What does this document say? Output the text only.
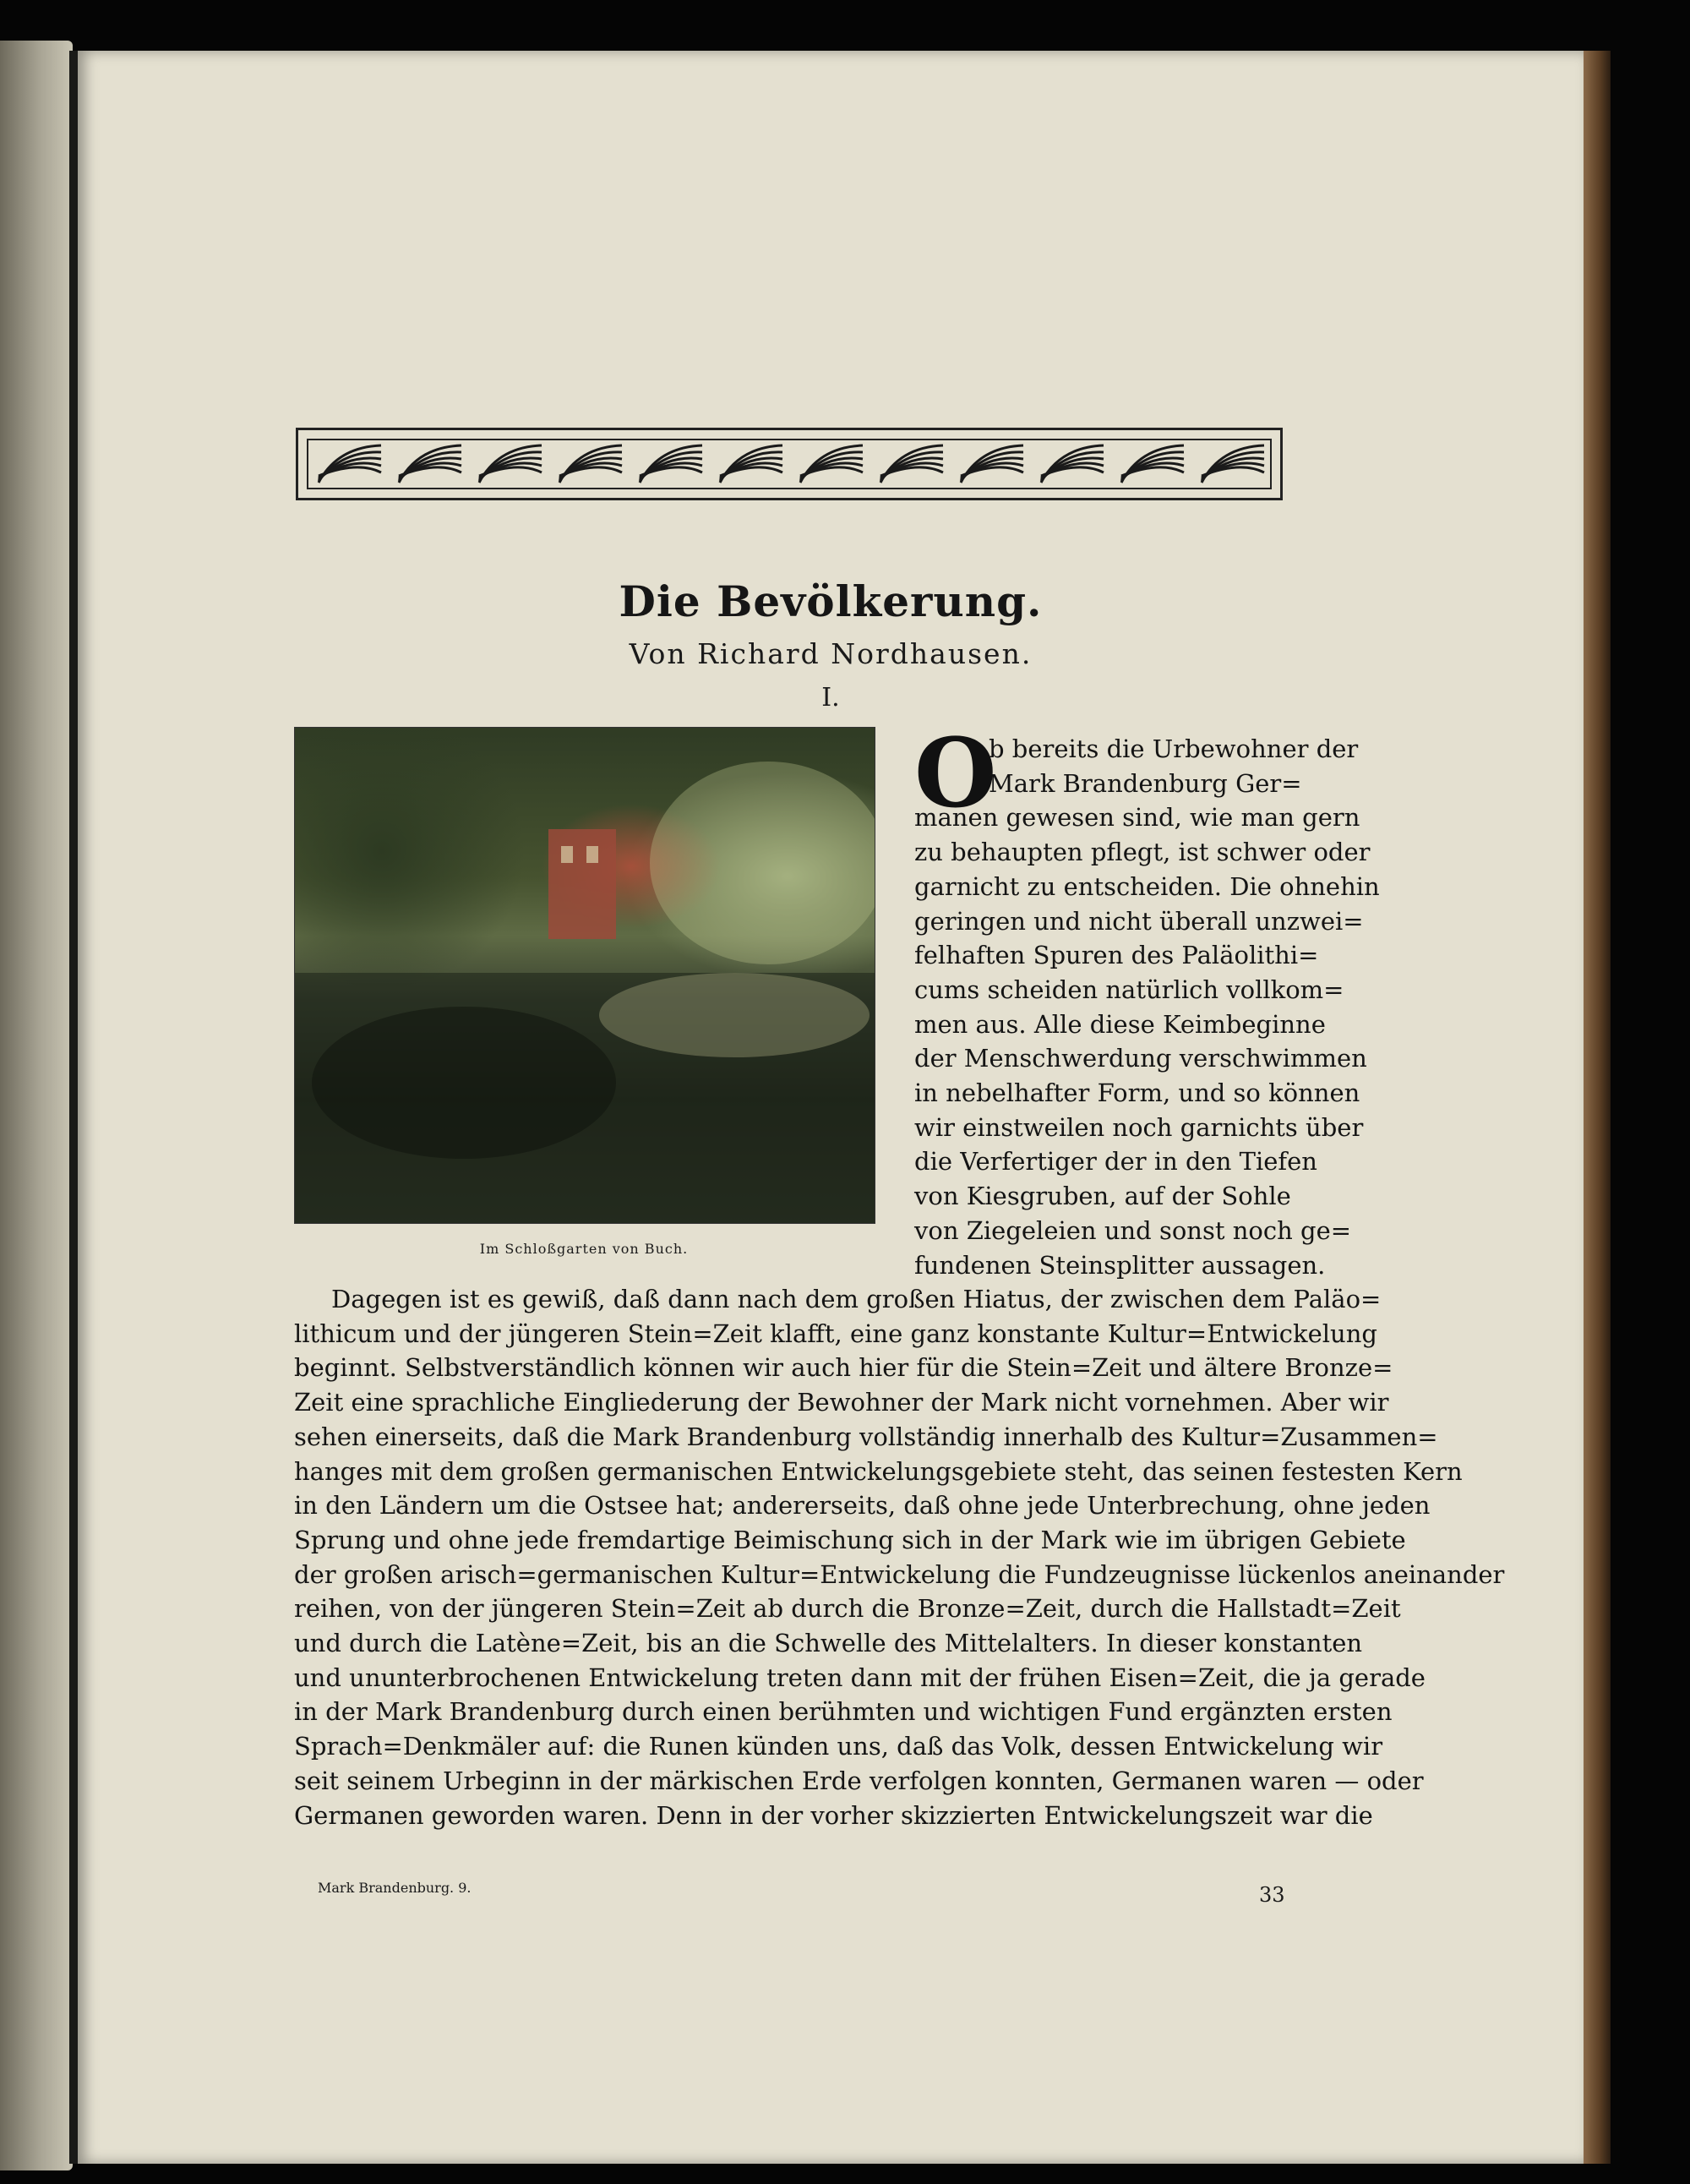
Die Bevölkerung.
Von Richard Nordhausen.
I.
Im Schloßgarten von Buch.
O
b bereits die Urbewohner der
Mark Brandenburg Ger=
manen gewesen sind, wie man gern
zu behaupten pflegt, ist schwer oder
garnicht zu entscheiden. Die ohnehin
geringen und nicht überall unzwei=
felhaften Spuren des Paläolithi=
cums scheiden natürlich vollkom=
men aus. Alle diese Keimbeginne
der Menschwerdung verschwimmen
in nebelhafter Form, und so können
wir einstweilen noch garnichts über
die Verfertiger der in den Tiefen
von Kiesgruben, auf der Sohle
von Ziegeleien und sonst noch ge=
fundenen Steinsplitter aussagen.
Dagegen ist es gewiß, daß dann nach dem großen Hiatus, der zwischen dem Paläo=
lithicum und der jüngeren Stein=Zeit klafft, eine ganz konstante Kultur=Entwickelung
beginnt. Selbstverständlich können wir auch hier für die Stein=Zeit und ältere Bronze=
Zeit eine sprachliche Eingliederung der Bewohner der Mark nicht vornehmen. Aber wir
sehen einerseits, daß die Mark Brandenburg vollständig innerhalb des Kultur=Zusammen=
hanges mit dem großen germanischen Entwickelungsgebiete steht, das seinen festesten Kern
in den Ländern um die Ostsee hat; andererseits, daß ohne jede Unterbrechung, ohne jeden
Sprung und ohne jede fremdartige Beimischung sich in der Mark wie im übrigen Gebiete
der großen arisch=germanischen Kultur=Entwickelung die Fundzeugnisse lückenlos aneinander
reihen, von der jüngeren Stein=Zeit ab durch die Bronze=Zeit, durch die Hallstadt=Zeit
und durch die Latène=Zeit, bis an die Schwelle des Mittelalters. In dieser konstanten
und ununterbrochenen Entwickelung treten dann mit der frühen Eisen=Zeit, die ja gerade
in der Mark Brandenburg durch einen berühmten und wichtigen Fund ergänzten ersten
Sprach=Denkmäler auf: die Runen künden uns, daß das Volk, dessen Entwickelung wir
seit seinem Urbeginn in der märkischen Erde verfolgen konnten, Germanen waren — oder
Germanen geworden waren. Denn in der vorher skizzierten Entwickelungszeit war die
Mark Brandenburg. 9.	33
